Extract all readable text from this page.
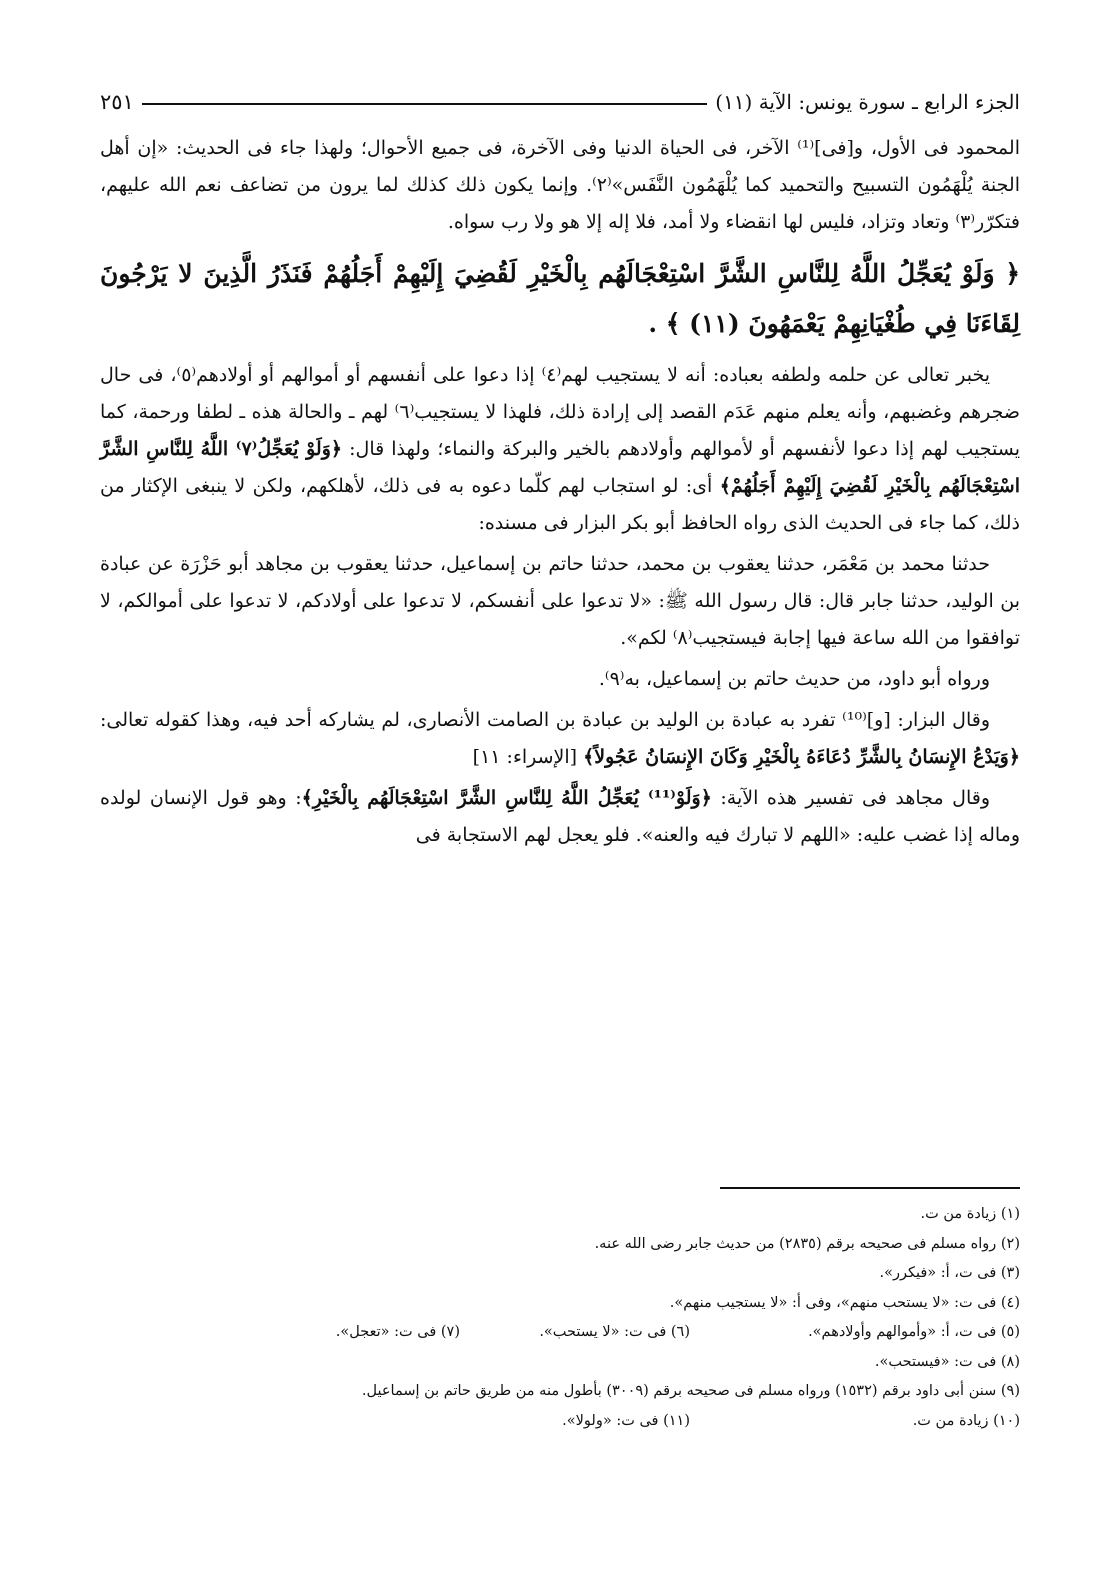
الجزء الرابع ـ سورة يونس: الآية (١١)
٢٥١

المحمود فى الأول، و[فى]⁽¹⁾ الآخر، فى الحياة الدنيا وفى الآخرة، فى جميع الأحوال؛ ولهذا جاء فى الحديث: «إن أهل الجنة يُلْهَمُون التسبيح والتحميد كما يُلْهَمُون النَّفَس»⁽٢⁾. وإنما يكون ذلك كذلك لما يرون من تضاعف نعم الله عليهم، فتكرّر⁽٣⁾ وتعاد وتزاد، فليس لها انقضاء ولا أمد، فلا إله إلا هو ولا رب سواه.

﴿ وَلَوْ يُعَجِّلُ اللَّهُ لِلنَّاسِ الشَّرَّ اسْتِعْجَالَهُم بِالْخَيْرِ لَقُضِيَ إِلَيْهِمْ أَجَلُهُمْ فَنَذَرُ الَّذِينَ لا يَرْجُونَ لِقَاءَنَا فِي طُغْيَانِهِمْ يَعْمَهُونَ (١١) ﴾ .

يخبر تعالى عن حلمه ولطفه بعباده: أنه لا يستجيب لهم⁽٤⁾ إذا دعوا على أنفسهم أو أموالهم أو أولادهم⁽٥⁾، فى حال ضجرهم وغضبهم، وأنه يعلم منهم عَدَم القصد إلى إرادة ذلك، فلهذا لا يستجيب⁽٦⁾ لهم ـ والحالة هذه ـ لطفا ورحمة، كما يستجيب لهم إذا دعوا لأنفسهم أو لأموالهم وأولادهم بالخير والبركة والنماء؛ ولهذا قال: ﴿وَلَوْ يُعَجِّلُ⁽٧⁾ اللَّهُ لِلنَّاسِ الشَّرَّ اسْتِعْجَالَهُم بِالْخَيْرِ لَقُضِيَ إِلَيْهِمْ أَجَلُهُمْ﴾ أى: لو استجاب لهم كلّما دعوه به فى ذلك، لأهلكهم، ولكن لا ينبغى الإكثار من ذلك، كما جاء فى الحديث الذى رواه الحافظ أبو بكر البزار فى مسنده:

حدثنا محمد بن مَعْمَر، حدثنا يعقوب بن محمد، حدثنا حاتم بن إسماعيل، حدثنا يعقوب بن مجاهد أبو حَزْرَة عن عبادة بن الوليد، حدثنا جابر قال: قال رسول الله ﷺ: «لا تدعوا على أنفسكم، لا تدعوا على أولادكم، لا تدعوا على أموالكم، لا توافقوا من الله ساعة فيها إجابة فيستجيب⁽٨⁾ لكم».

ورواه أبو داود، من حديث حاتم بن إسماعيل، به⁽٩⁾.

وقال البزار: [و]⁽¹⁰⁾ تفرد به عبادة بن الوليد بن عبادة بن الصامت الأنصارى، لم يشاركه أحد فيه، وهذا كقوله تعالى: ﴿وَيَدْعُ الإِنسَانُ بِالشَّرِّ دُعَاءَهُ بِالْخَيْرِ وَكَانَ الإِنسَانُ عَجُولاً﴾ [الإسراء: ١١]

وقال مجاهد فى تفسير هذه الآية: ﴿وَلَوْ⁽¹¹⁾ يُعَجِّلُ اللَّهُ لِلنَّاسِ الشَّرَّ اسْتِعْجَالَهُم بِالْخَيْرِ﴾: وهو قول الإنسان لولده وماله إذا غضب عليه: «اللهم لا تبارك فيه والعنه». فلو يعجل لهم الاستجابة فى

(١) زيادة من ت.
(٢) رواه مسلم فى صحيحه برقم (٢٨٣٥) من حديث جابر رضى الله عنه.
(٣) فى ت، أ: «فيكرر».
(٤) فى ت: «لا يستحب منهم»، وفى أ: «لا يستجيب منهم».
(٥) فى ت، أ: «وأموالهم وأولادهم».
(٦) فى ت: «لا يستحب».
(٧) فى ت: «تعجل».
(٨) فى ت: «فيستحب».
(٩) سنن أبى داود برقم (١٥٣٢) ورواه مسلم فى صحيحه برقم (٣٠٠٩) بأطول منه من طريق حاتم بن إسماعيل.
(١٠) زيادة من ت.
(١١) فى ت: «ولولا».
